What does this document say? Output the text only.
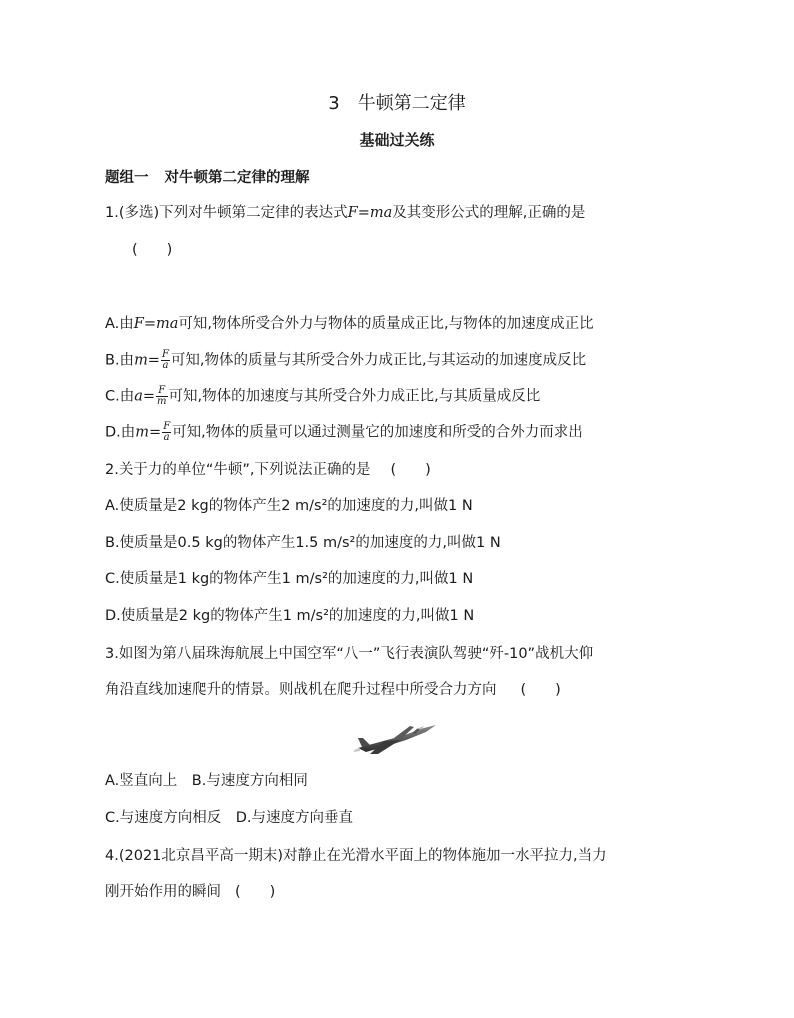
3 牛顿第二定律
基础过关练
题组一 对牛顿第二定律的理解
1.(多选)下列对牛顿第二定律的表达式F=ma及其变形公式的理解,正确的是
(　　)
A.由F=ma可知,物体所受合外力与物体的质量成正比,与物体的加速度成正比
B.由$m= \frac{F}{a}$ 可知,物体的质量与其所受合外力成正比,与其运动的加速度成反比
C.由$a= \frac{F}{m}$ 可知,物体的加速度与其所受合外力成正比,与其质量成反比
D.由$m= \frac{F}{a}$ 可知,物体的质量可以通过测量它的加速度和所受的合外力而求出
2.关于力的单位“牛顿”,下列说法正确的是 (　　)
A.使质量是2 kg的物体产生2 m/s²的加速度的力,叫做1 N
B.使质量是0.5 kg的物体产生1.5 m/s²的加速度的力,叫做1 N
C.使质量是1 kg的物体产生1 m/s²的加速度的力,叫做1 N
D.使质量是2 kg的物体产生1 m/s²的加速度的力,叫做1 N
3.如图为第八届珠海航展上中国空军“八一”飞行表演队驾驶“歼-10”战机大仰
角沿直线加速爬升的情景。则战机在爬升过程中所受合力方向 (　　)
A.竖直向上　B.与速度方向相同
C.与速度方向相反　D.与速度方向垂直
4.(2021北京昌平高一期末)对静止在光滑水平面上的物体施加一水平拉力,当力
刚开始作用的瞬间 (　　)
